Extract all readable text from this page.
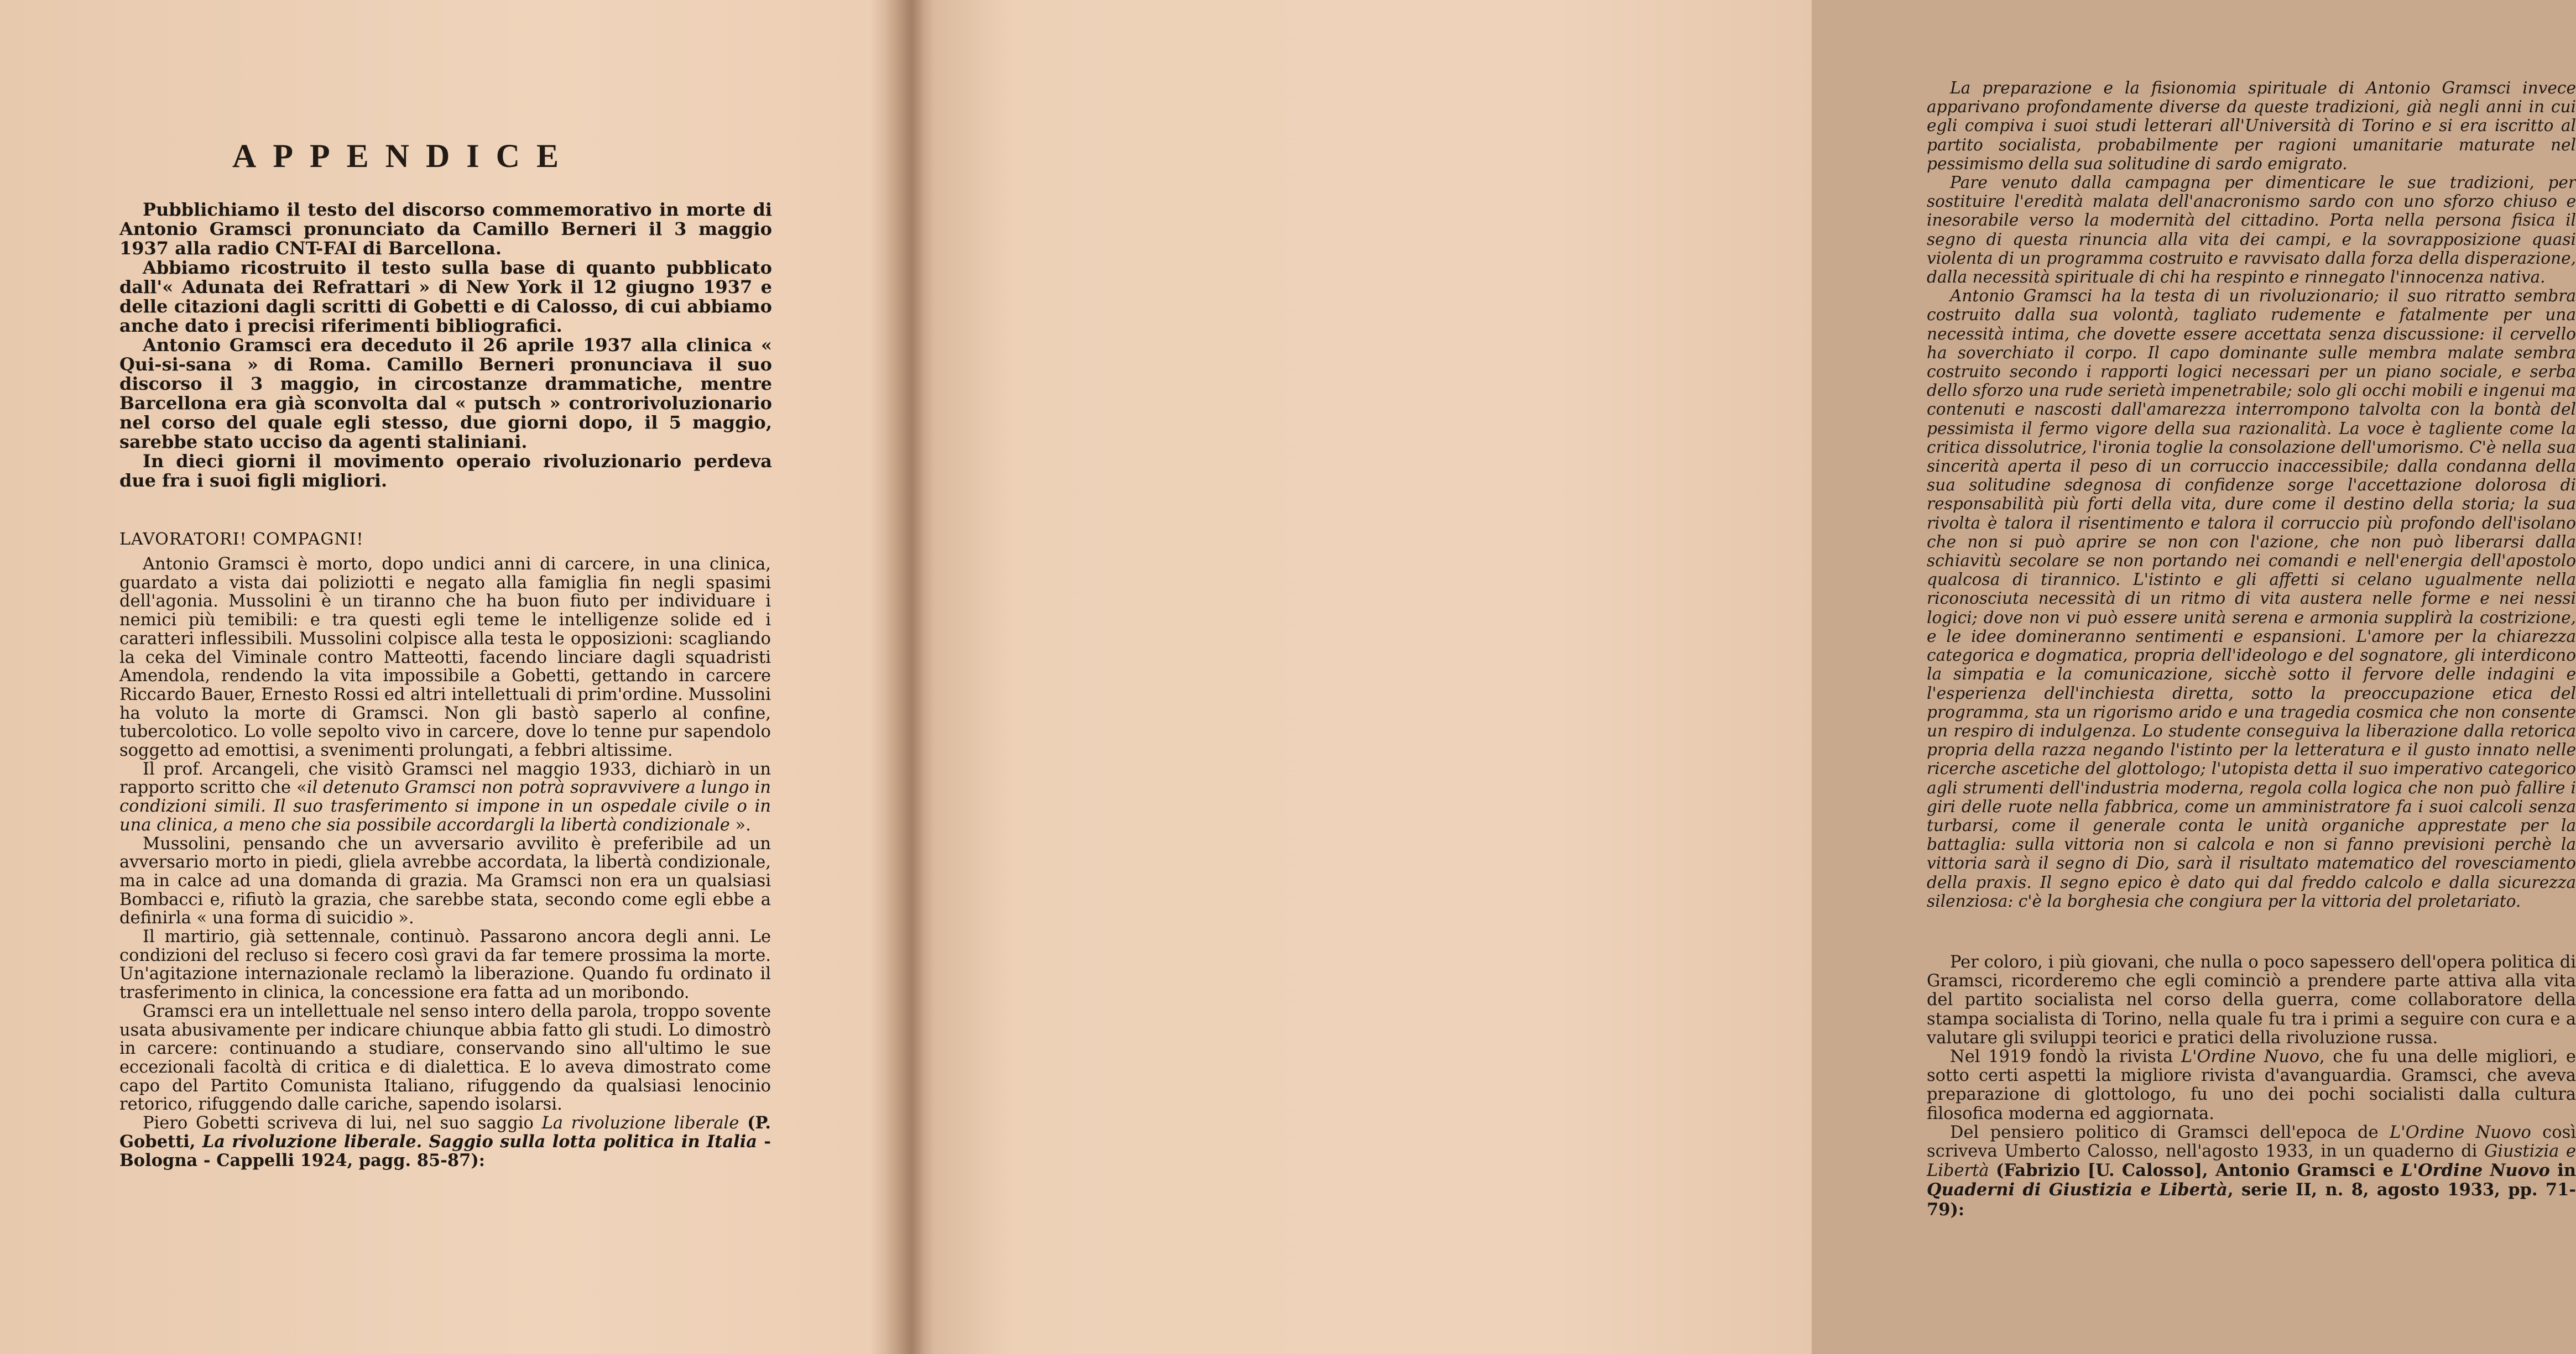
APPENDICE

Pubblichiamo il testo del discorso commemorativo in morte di Antonio Gramsci pronunciato da Camillo Berneri il 3 maggio 1937 alla radio CNT-FAI di Barcellona.

Abbiamo ricostruito il testo sulla base di quanto pubblicato dall'« Adunata dei Refrattari » di New York il 12 giugno 1937 e delle citazioni dagli scritti di Gobetti e di Calosso, di cui abbiamo anche dato i precisi riferimenti bibliografici.

Antonio Gramsci era deceduto il 26 aprile 1937 alla clinica « Qui-si-sana » di Roma. Camillo Berneri pronunciava il suo discorso il 3 maggio, in circostanze drammatiche, mentre Barcellona era già sconvolta dal « putsch » controrivoluzionario nel corso del quale egli stesso, due giorni dopo, il 5 maggio, sarebbe stato ucciso da agenti staliniani.

In dieci giorni il movimento operaio rivoluzionario perdeva due fra i suoi figli migliori.

LAVORATORI! COMPAGNI!

Antonio Gramsci è morto, dopo undici anni di carcere, in una clinica, guardato a vista dai poliziotti e negato alla famiglia fin negli spasimi dell'agonia. Mussolini è un tiranno che ha buon fiuto per individuare i nemici più temibili: e tra questi egli teme le intelligenze solide ed i caratteri inflessibili. Mussolini colpisce alla testa le opposizioni: scagliando la ceka del Viminale contro Matteotti, facendo linciare dagli squadristi Amendola, rendendo la vita impossibile a Gobetti, gettando in carcere Riccardo Bauer, Ernesto Rossi ed altri intellettuali di prim'ordine. Mussolini ha voluto la morte di Gramsci. Non gli bastò saperlo al confine, tubercolotico. Lo volle sepolto vivo in carcere, dove lo tenne pur sapendolo soggetto ad emottisi, a svenimenti prolungati, a febbri altissime.

Il prof. Arcangeli, che visitò Gramsci nel maggio 1933, dichiarò in un rapporto scritto che «il detenuto Gramsci non potrà sopravvivere a lungo in condizioni simili. Il suo trasferimento si impone in un ospedale civile o in una clinica, a meno che sia possibile accordargli la libertà condizionale ».

Mussolini, pensando che un avversario avvilito è preferibile ad un avversario morto in piedi, gliela avrebbe accordata, la libertà condizionale, ma in calce ad una domanda di grazia. Ma Gramsci non era un qualsiasi Bombacci e, rifiutò la grazia, che sarebbe stata, secondo come egli ebbe a definirla « una forma di suicidio ».

Il martirio, già settennale, continuò. Passarono ancora degli anni. Le condizioni del recluso si fecero così gravi da far temere prossima la morte. Un'agitazione internazionale reclamò la liberazione. Quando fu ordinato il trasferimento in clinica, la concessione era fatta ad un moribondo.

Gramsci era un intellettuale nel senso intero della parola, troppo sovente usata abusivamente per indicare chiunque abbia fatto gli studi. Lo dimostrò in carcere: continuando a studiare, conservando sino all'ultimo le sue eccezionali facoltà di critica e di dialettica. E lo aveva dimostrato come capo del Partito Comunista Italiano, rifuggendo da qualsiasi lenocinio retorico, rifuggendo dalle cariche, sapendo isolarsi.

Piero Gobetti scriveva di lui, nel suo saggio La rivoluzione liberale (P. Gobetti, La rivoluzione liberale. Saggio sulla lotta politica in Italia - Bologna - Cappelli 1924, pagg. 85-87):

La preparazione e la fisionomia spirituale di Antonio Gramsci invece apparivano profondamente diverse da queste tradizioni, già negli anni in cui egli compiva i suoi studi letterari all'Università di Torino e si era iscritto al partito socialista, probabilmente per ragioni umanitarie maturate nel pessimismo della sua solitudine di sardo emigrato.

Pare venuto dalla campagna per dimenticare le sue tradizioni, per sostituire l'eredità malata dell'anacronismo sardo con uno sforzo chiuso e inesorabile verso la modernità del cittadino. Porta nella persona fisica il segno di questa rinuncia alla vita dei campi, e la sovrapposizione quasi violenta di un programma costruito e ravvisato dalla forza della disperazione, dalla necessità spirituale di chi ha respinto e rinnegato l'innocenza nativa.

Antonio Gramsci ha la testa di un rivoluzionario; il suo ritratto sembra costruito dalla sua volontà, tagliato rudemente e fatalmente per una necessità intima, che dovette essere accettata senza discussione: il cervello ha soverchiato il corpo. Il capo dominante sulle membra malate sembra costruito secondo i rapporti logici necessari per un piano sociale, e serba dello sforzo una rude serietà impenetrabile; solo gli occhi mobili e ingenui ma contenuti e nascosti dall'amarezza interrompono talvolta con la bontà del pessimista il fermo vigore della sua razionalità. La voce è tagliente come la critica dissolutrice, l'ironia toglie la consolazione dell'umorismo. C'è nella sua sincerità aperta il peso di un corruccio inaccessibile; dalla condanna della sua solitudine sdegnosa di confidenze sorge l'accettazione dolorosa di responsabilità più forti della vita, dure come il destino della storia; la sua rivolta è talora il risentimento e talora il corruccio più profondo dell'isolano che non si può aprire se non con l'azione, che non può liberarsi dalla schiavitù secolare se non portando nei comandi e nell'energia dell'apostolo qualcosa di tirannico. L'istinto e gli affetti si celano ugualmente nella riconosciuta necessità di un ritmo di vita austera nelle forme e nei nessi logici; dove non vi può essere unità serena e armonia supplirà la costrizione, e le idee domineranno sentimenti e espansioni. L'amore per la chiarezza categorica e dogmatica, propria dell'ideologo e del sognatore, gli interdicono la simpatia e la comunicazione, sicchè sotto il fervore delle indagini e l'esperienza dell'inchiesta diretta, sotto la preoccupazione etica del programma, sta un rigorismo arido e una tragedia cosmica che non consente un respiro di indulgenza. Lo studente conseguiva la liberazione dalla retorica propria della razza negando l'istinto per la letteratura e il gusto innato nelle ricerche ascetiche del glottologo; l'utopista detta il suo imperativo categorico agli strumenti dell'industria moderna, regola colla logica che non può fallire i giri delle ruote nella fabbrica, come un amministratore fa i suoi calcoli senza turbarsi, come il generale conta le unità organiche apprestate per la battaglia: sulla vittoria non si calcola e non si fanno previsioni perchè la vittoria sarà il segno di Dio, sarà il risultato matematico del rovesciamento della praxis. Il segno epico è dato qui dal freddo calcolo e dalla sicurezza silenziosa: c'è la borghesia che congiura per la vittoria del proletariato.

Per coloro, i più giovani, che nulla o poco sapessero dell'opera politica di Gramsci, ricorderemo che egli cominciò a prendere parte attiva alla vita del partito socialista nel corso della guerra, come collaboratore della stampa socialista di Torino, nella quale fu tra i primi a seguire con cura e a valutare gli sviluppi teorici e pratici della rivoluzione russa.

Nel 1919 fondò la rivista L'Ordine Nuovo, che fu una delle migliori, e sotto certi aspetti la migliore rivista d'avanguardia. Gramsci, che aveva preparazione di glottologo, fu uno dei pochi socialisti dalla cultura filosofica moderna ed aggiornata.

Del pensiero politico di Gramsci dell'epoca de L'Ordine Nuovo così scriveva Umberto Calosso, nell'agosto 1933, in un quaderno di Giustizia e Libertà (Fabrizio [U. Calosso], Antonio Gramsci e L'Ordine Nuovo in Quaderni di Giustizia e Libertà, serie II, n. 8, agosto 1933, pp. 71-79):
